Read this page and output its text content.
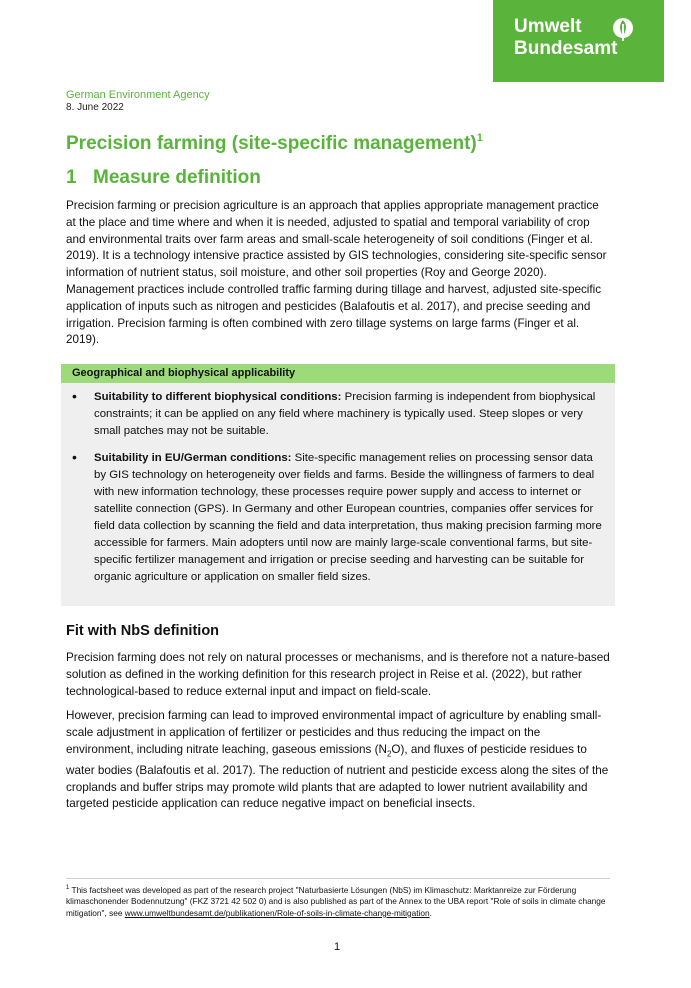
Umwelt
Bundesamt
German Environment Agency
8. June 2022
Precision farming (site-specific management)$^1$
1 Measure definition

Precision farming or precision agriculture is an approach that applies appropriate management practice at the place and time where and when it is needed, adjusted to spatial and temporal variability of crop and environmental traits over farm areas and small-scale heterogeneity of soil conditions (Finger et al. 2019). It is a technology intensive practice assisted by GIS technologies, considering site-specific sensor information of nutrient status, soil moisture, and other soil properties (Roy and George 2020). Management practices include controlled traffic farming during tillage and harvest, adjusted site-specific application of inputs such as nitrogen and pesticides (Balafoutis et al. 2017), and precise seeding and irrigation. Precision farming is often combined with zero tillage systems on large farms (Finger et al. 2019).

Geographical and biophysical applicability
• Suitability to different biophysical conditions: Precision farming is independent from biophysical constraints; it can be applied on any field where machinery is typically used. Steep slopes or very small patches may not be suitable.

• Suitability in EU/German conditions: Site-specific management relies on processing sensor data by GIS technology on heterogeneity over fields and farms. Beside the willingness of farmers to deal with new information technology, these processes require power supply and access to internet or satellite connection (GPS). In Germany and other European countries, companies offer services for field data collection by scanning the field and data interpretation, thus making precision farming more accessible for farmers. Main adopters until now are mainly large-scale conventional farms, but site-specific fertilizer management and irrigation or precise seeding and harvesting can be suitable for organic agriculture or application on smaller field sizes.

Fit with NbS definition

Precision farming does not rely on natural processes or mechanisms, and is therefore not a nature-based solution as defined in the working definition for this research project in Reise et al. (2022), but rather technological-based to reduce external input and impact on field-scale.

However, precision farming can lead to improved environmental impact of agriculture by enabling small-scale adjustment in application of fertilizer or pesticides and thus reducing the impact on the environment, including nitrate leaching, gaseous emissions $(N_2O)$, and fluxes of pesticide residues to water bodies (Balafoutis et al. 2017). The reduction of nutrient and pesticide excess along the sites of the croplands and buffer strips may promote wild plants that are adapted to lower nutrient availability and targeted pesticide application can reduce negative impact on beneficial insects.

$^1$ This factsheet was developed as part of the research project "Naturbasierte Lösungen (NbS) im Klimaschutz: Marktanreize zur Förderung klimaschonender Bodennutzung" (FKZ 3721 42 502 0) and is also published as part of the Annex to the UBA report "Role of soils in climate change mitigation", see www.umweltbundesamt.de/publikationen/Role-of-soils-in-climate-change-mitigation.

1
